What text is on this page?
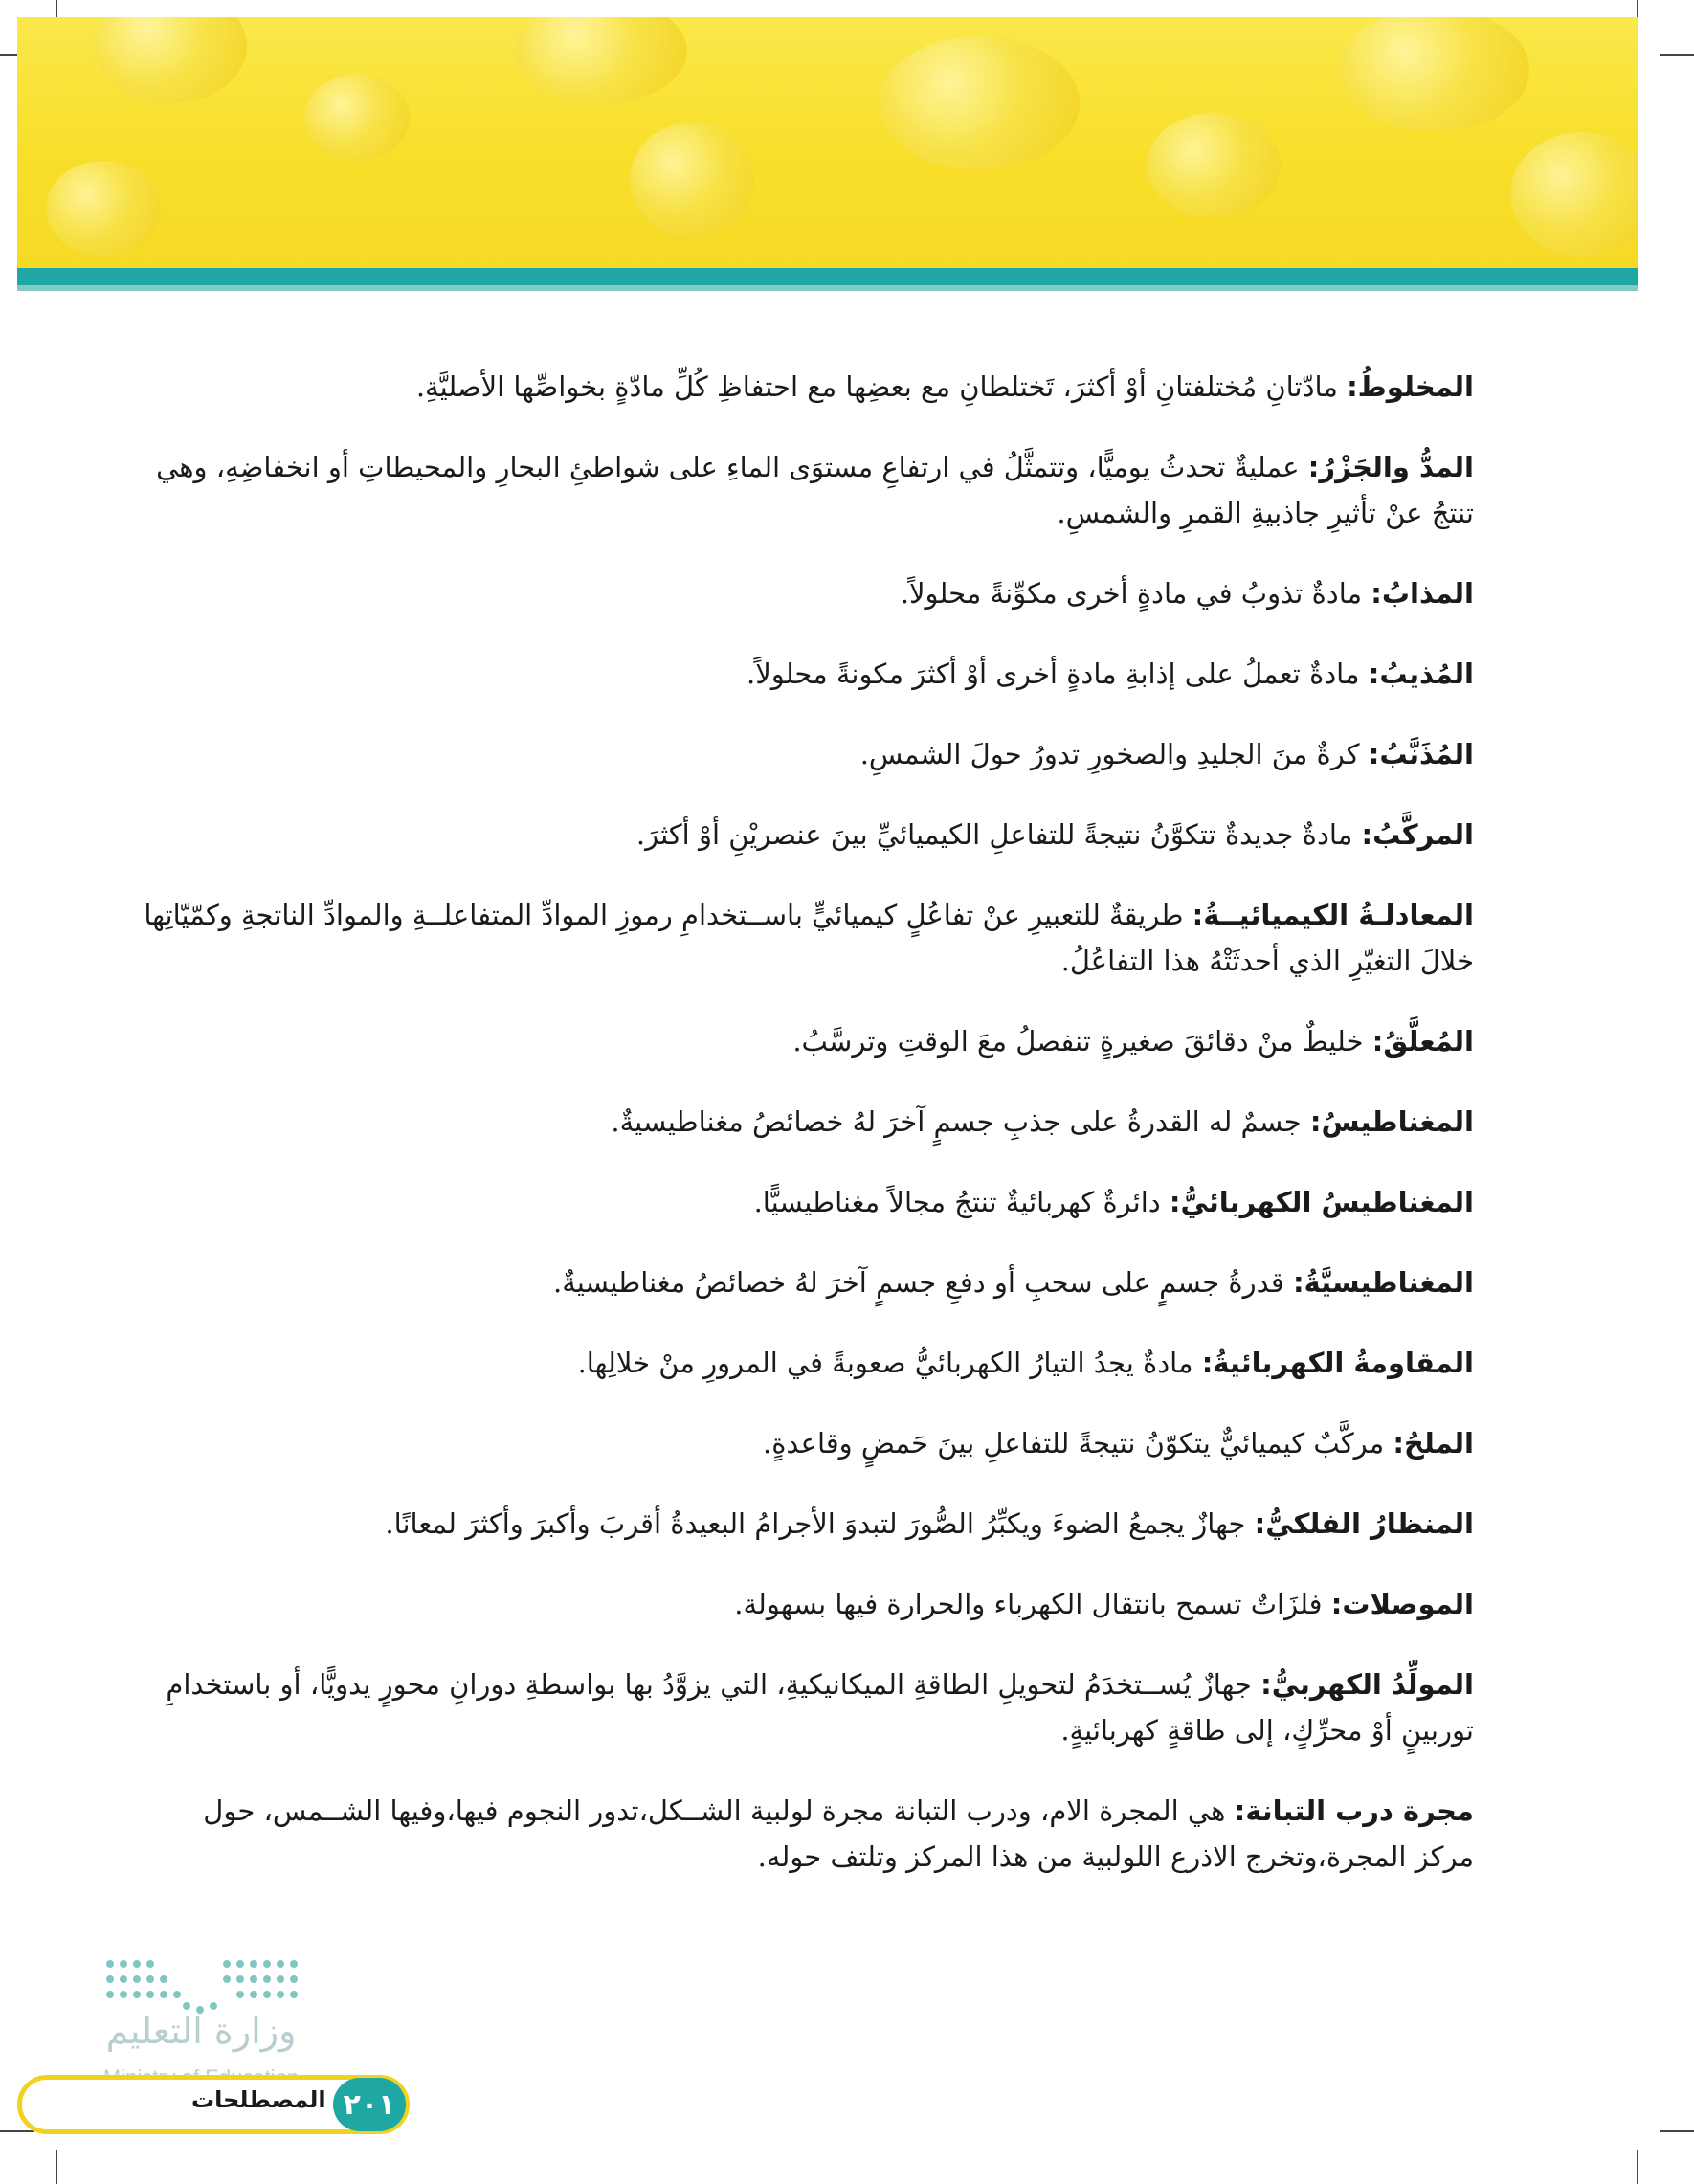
المخلوطُ: مادّتانِ مُختلفتانِ أوْ أكثرَ، تَختلطانِ مع بعضِها مع احتفاظِ كُلِّ مادّةٍ بخواصِّها الأصليَّةِ.
المدُّ والجَزْرُ: عمليةٌ تحدثُ يوميًّا، وتتمثَّلُ في ارتفاعِ مستوَى الماءِ على شواطئِ البحارِ والمحيطاتِ أو انخفاضِهِ، وهي تنتجُ عنْ تأثيرِ جاذبيةِ القمرِ والشمسِ.
المذابُ: مادةٌ تذوبُ في مادةٍ أخرى مكوِّنةً محلولاً.
المُذيبُ: مادةٌ تعملُ على إذابةِ مادةٍ أخرى أوْ أكثرَ مكونةً محلولاً.
المُذَنَّبُ: كرةٌ منَ الجليدِ والصخورِ تدورُ حولَ الشمسِ.
المركَّبُ: مادةٌ جديدةٌ تتكوَّنُ نتيجةً للتفاعلِ الكيميائيِّ بينَ عنصريْنِ أوْ أكثرَ.
المعادلـةُ الكيميائيــةُ: طريقةٌ للتعبيرِ عنْ تفاعُلٍ كيميائيٍّ باســتخدامِ رموزِ الموادِّ المتفاعلــةِ والموادِّ الناتجةِ وكمّيّاتِها خلالَ التغيّرِ الذي أحدثَتْهُ هذا التفاعُلُ.
المُعلَّقُ: خليطٌ منْ دقائقَ صغيرةٍ تنفصلُ معَ الوقتِ وترسَّبُ.
المغناطيسُ: جسمٌ له القدرةُ على جذبِ جسمٍ آخرَ لهُ خصائصُ مغناطيسيةٌ.
المغناطيسُ الكهربائيُّ: دائرةٌ كهربائيةٌ تنتجُ مجالاً مغناطيسيًّا.
المغناطيسيَّةُ: قدرةُ جسمٍ على سحبِ أو دفعِ جسمٍ آخرَ لهُ خصائصُ مغناطيسيةٌ.
المقاومةُ الكهربائيةُ: مادةٌ يجدُ التيارُ الكهربائيُّ صعوبةً في المرورِ منْ خلالِها.
الملحُ: مركَّبٌ كيميائيٌّ يتكوّنُ نتيجةً للتفاعلِ بينَ حَمضٍ وقاعدةٍ.
المنظارُ الفلكيُّ: جهازٌ يجمعُ الضوءَ ويكبِّرُ الصُّورَ لتبدوَ الأجرامُ البعيدةُ أقربَ وأكبرَ وأكثرَ لمعانًا.
الموصلات: فلزَاتٌ تسمح بانتقال الكهرباء والحرارة فيها بسهولة.
المولِّدُ الكهربيُّ: جهازٌ يُســتخدَمُ لتحويلِ الطاقةِ الميكانيكيةِ، التي يزوَّدُ بها بواسطةِ دورانِ محورٍ يدويًّا، أو باستخدامِ توربينٍ أوْ محرِّكٍ، إلى طاقةٍ كهربائيةٍ.
مجرة درب التبانة: هي المجرة الام، ودرب التبانة مجرة لولبية الشــكل،تدور النجوم فيها،وفيها الشــمس، حول مركز المجرة،وتخرج الاذرع اللولبية من هذا المركز وتلتف حوله.
وزارة التعليم
المصطلحات ٢٠١
